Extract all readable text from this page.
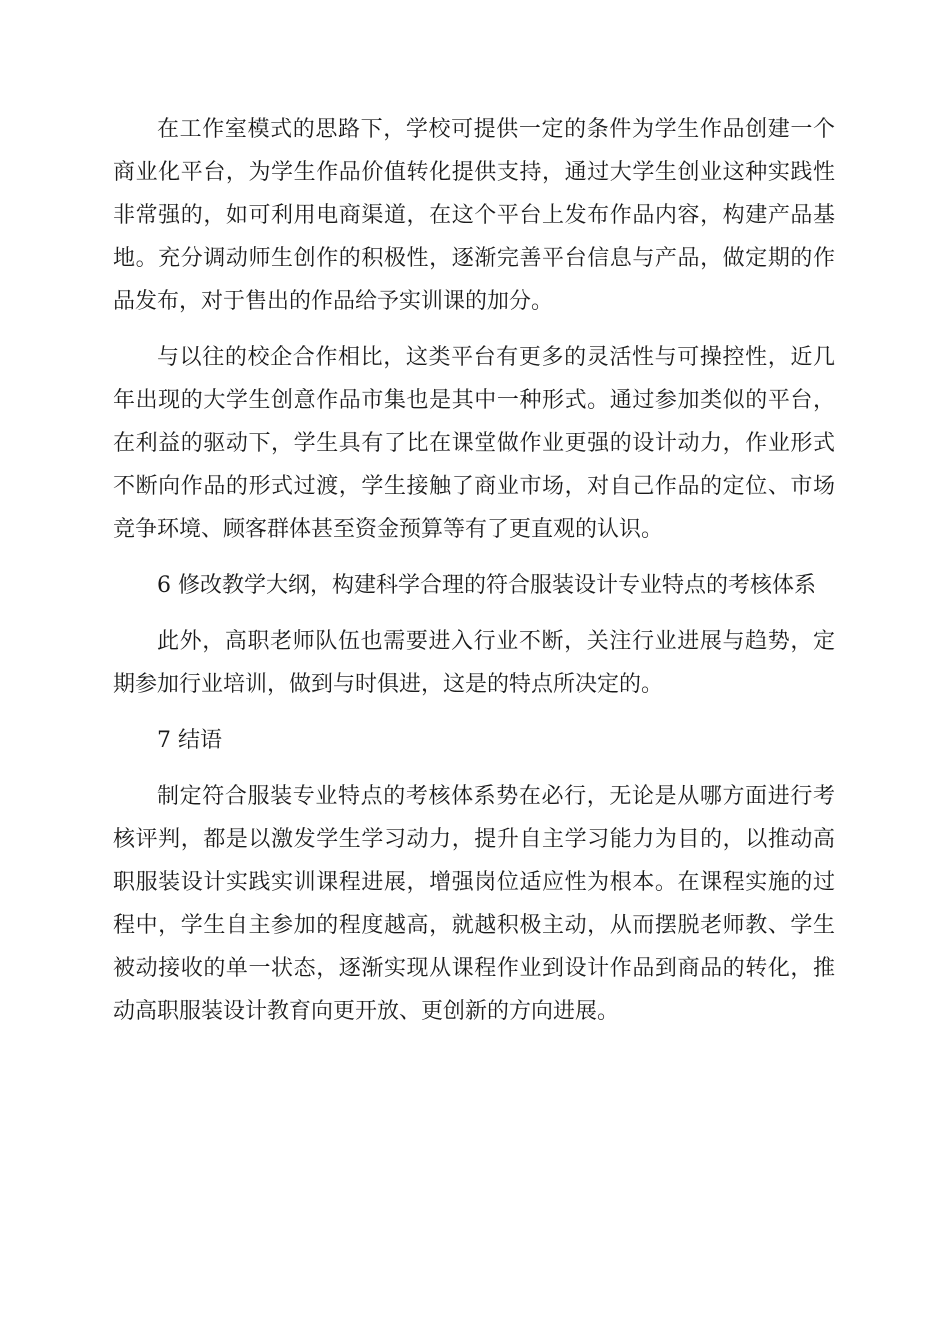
在工作室模式的思路下，学校可提供一定的条件为学生作品创建一个商业化平台，为学生作品价值转化提供支持，通过大学生创业这种实践性非常强的，如可利用电商渠道，在这个平台上发布作品内容，构建产品基地。充分调动师生创作的积极性，逐渐完善平台信息与产品，做定期的作品发布，对于售出的作品给予实训课的加分。

与以往的校企合作相比，这类平台有更多的灵活性与可操控性，近几年出现的大学生创意作品市集也是其中一种形式。通过参加类似的平台，在利益的驱动下，学生具有了比在课堂做作业更强的设计动力，作业形式不断向作品的形式过渡，学生接触了商业市场，对自己作品的定位、市场竞争环境、顾客群体甚至资金预算等有了更直观的认识。

6 修改教学大纲，构建科学合理的符合服装设计专业特点的考核体系

此外，高职老师队伍也需要进入行业不断，关注行业进展与趋势，定期参加行业培训，做到与时俱进，这是的特点所决定的。

7 结语

制定符合服装专业特点的考核体系势在必行，无论是从哪方面进行考核评判，都是以激发学生学习动力，提升自主学习能力为目的，以推动高职服装设计实践实训课程进展，增强岗位适应性为根本。在课程实施的过程中，学生自主参加的程度越高，就越积极主动，从而摆脱老师教、学生被动接收的单一状态，逐渐实现从课程作业到设计作品到商品的转化，推动高职服装设计教育向更开放、更创新的方向进展。
